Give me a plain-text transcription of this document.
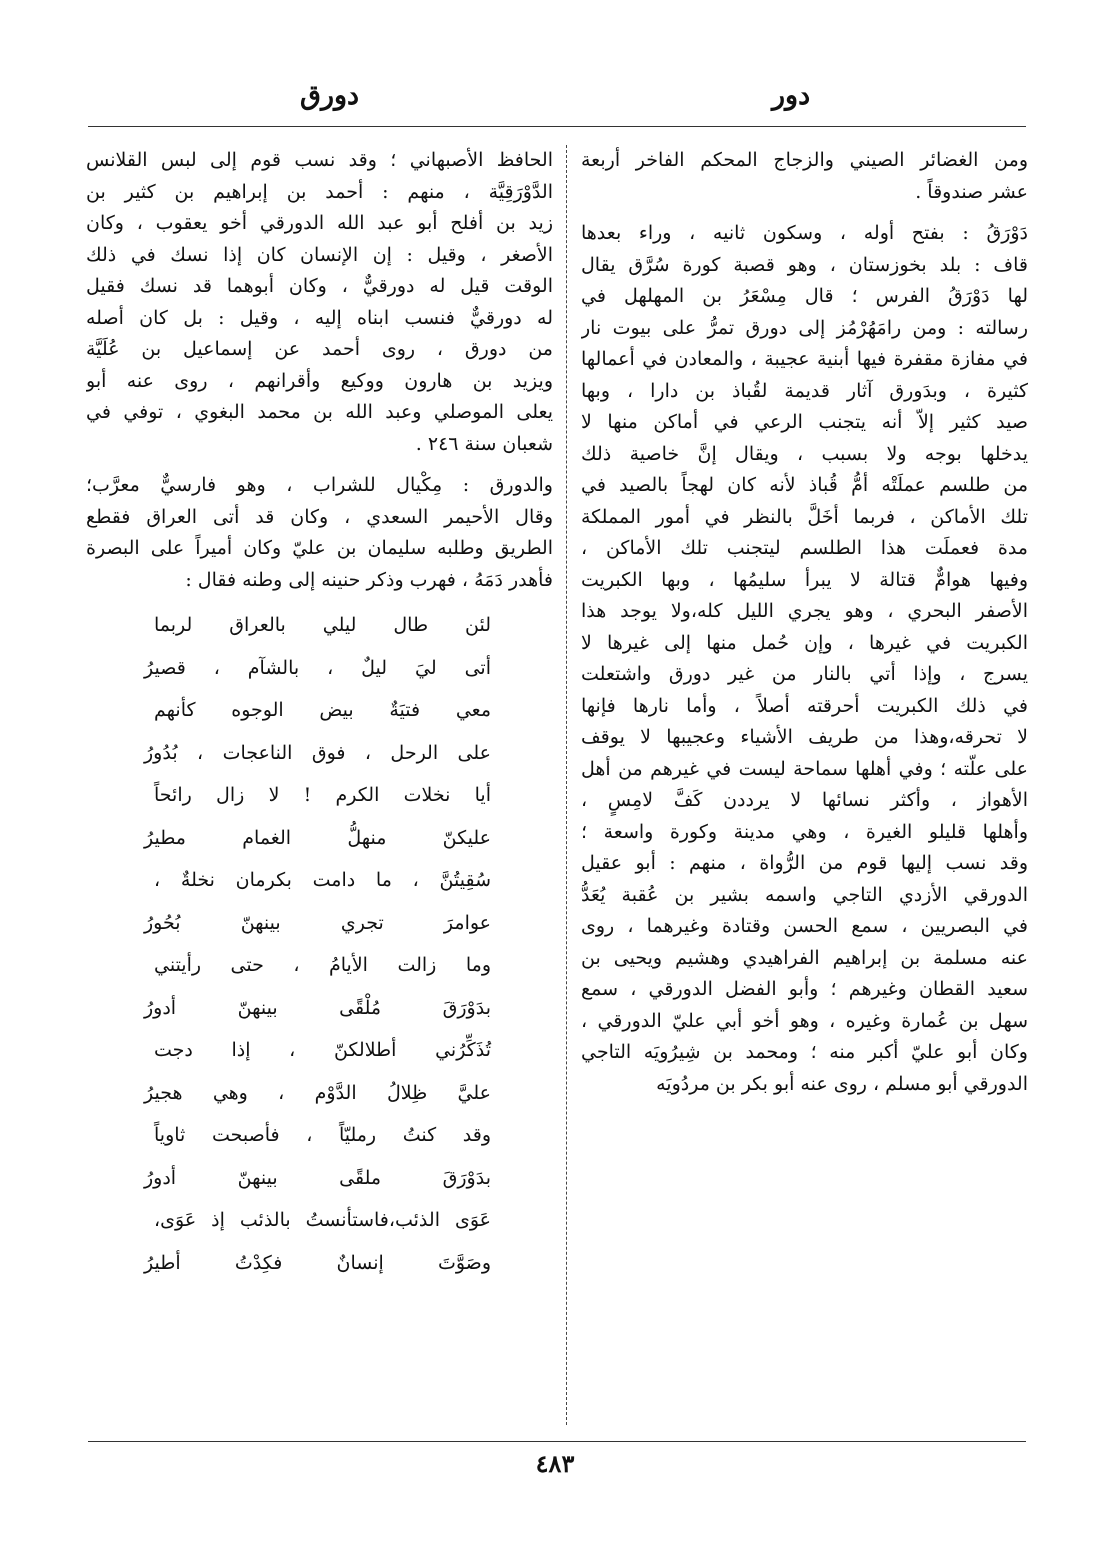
دور
دورق
ومن الغضائر الصيني والزجاج المحكم الفاخر أربعة
عشر صندوقاً .
دَوْرَقُ : بفتح أوله ، وسكون ثانيه ، وراء بعدها
قاف : بلد بخوزستان ، وهو قصبة كورة سُرَّق يقال
لها دَوْرَقُ الفرس ؛ قال مِسْعَرُ بن المهلهل في
رسالته : ومن رامَهُرْمُز إلى دورق تمرُّ على بيوت نار
في مفازة مقفرة فيها أبنية عجيبة ، والمعادن في أعمالها
كثيرة ، وبدَورق آثار قديمة لقُباذ بن دارا ، وبها
صيد كثير إلاّ أنه يتجنب الرعي في أماكن منها لا
يدخلها بوجه ولا بسبب ، ويقال إنَّ خاصية ذلك
من طلسم عملَتْه أمُّ قُباذ لأنه كان لهجاً بالصيد في
تلك الأماكن ، فربما أخَلَّ بالنظر في أمور المملكة
مدة فعملَت هذا الطلسم ليتجنب تلك الأماكن ،
وفيها هوامٌّ قتالة لا يبرأ سليمُها ، وبها الكبريت
الأصفر البحري ، وهو يجري الليل كله،ولا يوجد هذا
الكبريت في غيرها ، وإن حُمل منها إلى غيرها لا
يسرج ، وإذا أتي بالنار من غير دورق واشتعلت
في ذلك الكبريت أحرقته أصلاً ، وأما نارها فإنها
لا تحرقه،وهذا من طريف الأشياء وعجيبها لا يوقف
على علّته ؛ وفي أهلها سماحة ليست في غيرهم من أهل
الأهواز ، وأكثر نسائها لا يرددن كَفَّ لامِسٍ ،
وأهلها قليلو الغيرة ، وهي مدينة وكورة واسعة ؛
وقد نسب إليها قوم من الرُّواة ، منهم : أبو عقيل
الدورقي الأزدي التاجي واسمه بشير بن عُقبة يُعَدُّ
في البصريين ، سمع الحسن وقتادة وغيرهما ، روى
عنه مسلمة بن إبراهيم الفراهيدي وهشيم ويحيى بن
سعيد القطان وغيرهم ؛ وأبو الفضل الدورقي ، سمع
سهل بن عُمارة وغيره ، وهو أخو أبي عليّ الدورقي ،
وكان أبو عليّ أكبر منه ؛ ومحمد بن شِيرُويَه التاجي
الدورقي أبو مسلم ، روى عنه أبو بكر بن مردُويَه
الحافظ الأصبهاني ؛ وقد نسب قوم إلى لبس القلانس
الدَّوْرَقِيَّة ، منهم : أحمد بن إبراهيم بن كثير بن
زيد بن أفلح أبو عبد الله الدورقي أخو يعقوب ، وكان
الأصغر ، وقيل : إن الإنسان كان إذا نسك في ذلك
الوقت قيل له دورقيٌّ ، وكان أبوهما قد نسك فقيل
له دورقيٌّ فنسب ابناه إليه ، وقيل : بل كان أصله
من دورق ، روى أحمد عن إسماعيل بن عُلَيَّة
ويزيد بن هارون ووكيع وأقرانهم ، روى عنه أبو
يعلى الموصلي وعبد الله بن محمد البغوي ، توفي في
شعبان سنة ٢٤٦ .
والدورق : مِكْيال للشراب ، وهو فارسيٌّ معرَّب؛
وقال الأحيمر السعدي ، وكان قد أتى العراق فقطع
الطريق وطلبه سليمان بن عليّ وكان أميراً على البصرة
فأهدر دَمَهُ ، فهرب وذكر حنينه إلى وطنه فقال :
لئن طال ليلي بالعراق لربما
أتى ليَ ليلٌ ، بالشآم ، قصيرُ
معي فتيَةٌ بيض الوجوه كأنهم
على الرحل ، فوق الناعجات ، بُدُورُ
أيا نخلات الكرم ! لا زال رائحاً
عليكنّ منهلُّ الغمام مطيرُ
سُقِيتُنَّ ، ما دامت بكرمان نخلةٌ ،
عوامرَ تجري بينهنّ بُحُورُ
وما زالت الأيامُ ، حتى رأيتني
بدَوْرَقَ مُلْقًى بينهنّ أدورُ
تُذَكِّرُني أطلالكنّ ، إذا دجت
عليَّ ظِلالُ الدَّوْم ، وهي هجيرُ
وقد كنتُ رمليّاً ، فأصبحت ثاوياً
بدَوْرَقَ ملقًى بينهنّ أدورُ
عَوَى الذئب،فاستأنستُ بالذئب إذ عَوَى،
وصَوَّتَ إنسانٌ فكِدْتُ أطيرُ
٤٨٣
